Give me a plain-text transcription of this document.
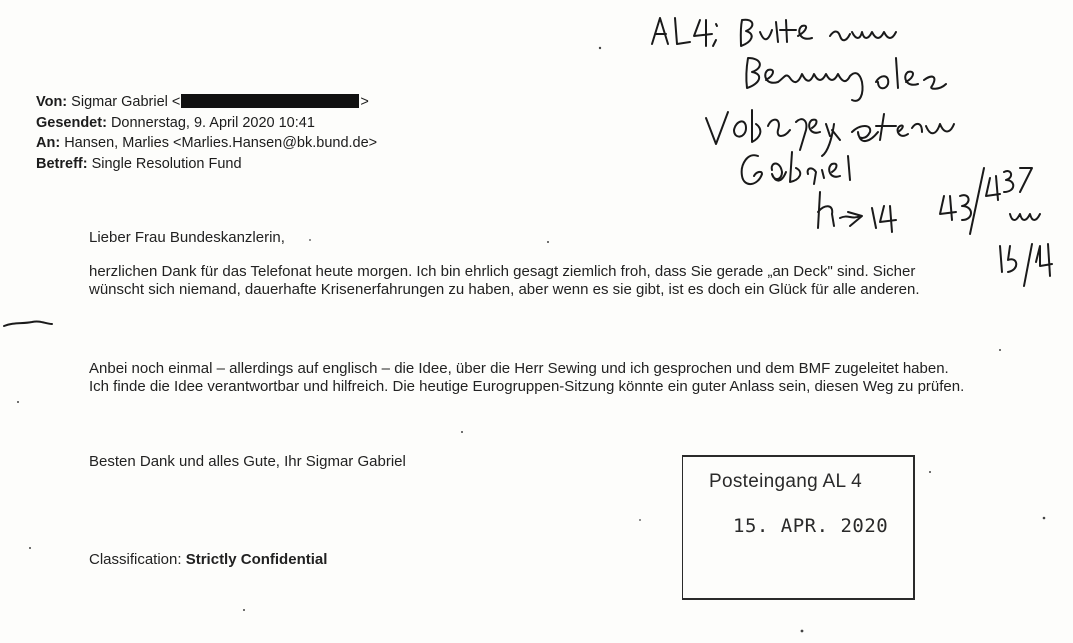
Von: Sigmar Gabriel <	>
Gesendet: Donnerstag, 9. April 2020 10:41
An: Hansen, Marlies <Marlies.Hansen@bk.bund.de>
Betreff: Single Resolution Fund
Lieber Frau Bundeskanzlerin,
herzlichen Dank für das Telefonat heute morgen. Ich bin ehrlich gesagt ziemlich froh, dass Sie gerade „an Deck" sind. Sicher wünscht sich niemand, dauerhafte Krisenerfahrungen zu haben, aber wenn es sie gibt, ist es doch ein Glück für alle anderen.
Anbei noch einmal – allerdings auf englisch – die Idee, über die Herr Sewing und ich gesprochen und dem BMF zugeleitet haben. Ich finde die Idee verantwortbar und hilfreich. Die heutige Eurogruppen-Sitzung könnte ein guter Anlass sein, diesen Weg zu prüfen.
Besten Dank und alles Gute, Ihr Sigmar Gabriel
Classification: Strictly Confidential
Posteingang AL 4
15. APR. 2020
